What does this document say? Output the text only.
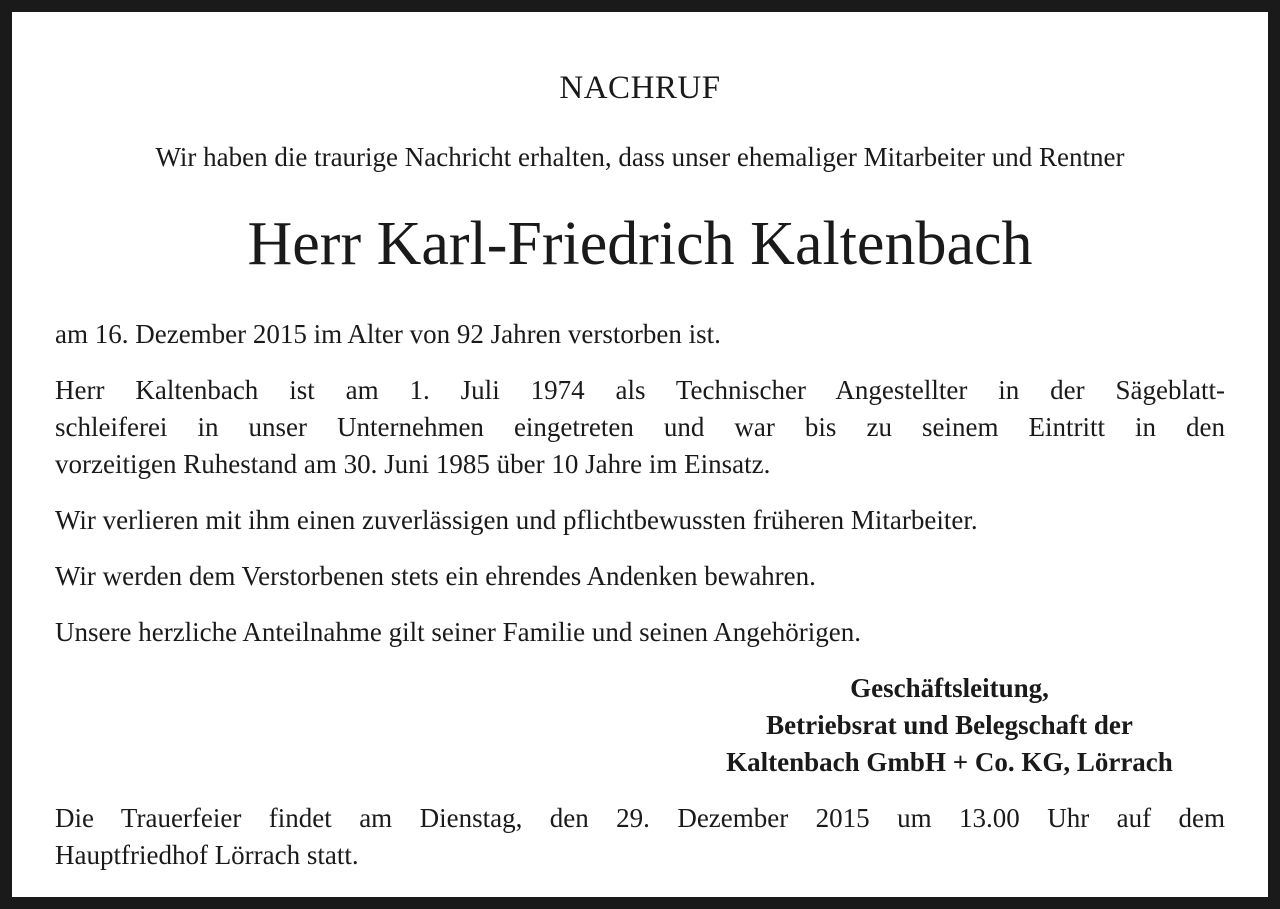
NACHRUF
Wir haben die traurige Nachricht erhalten, dass unser ehemaliger Mitarbeiter und Rentner
Herr Karl-Friedrich Kaltenbach

am 16. Dezember 2015 im Alter von 92 Jahren verstorben ist.

Herr Kaltenbach ist am 1. Juli 1974 als Technischer Angestellter in der Sägeblatt-
schleiferei in unser Unternehmen eingetreten und war bis zu seinem Eintritt in den
vorzeitigen Ruhestand am 30. Juni 1985 über 10 Jahre im Einsatz.

Wir verlieren mit ihm einen zuverlässigen und pflichtbewussten früheren Mitarbeiter.

Wir werden dem Verstorbenen stets ein ehrendes Andenken bewahren.

Unsere herzliche Anteilnahme gilt seiner Familie und seinen Angehörigen.

Geschäftsleitung,
Betriebsrat und Belegschaft der
Kaltenbach GmbH + Co. KG, Lörrach

Die Trauerfeier findet am Dienstag, den 29. Dezember 2015 um 13.00 Uhr auf dem
Hauptfriedhof Lörrach statt.
